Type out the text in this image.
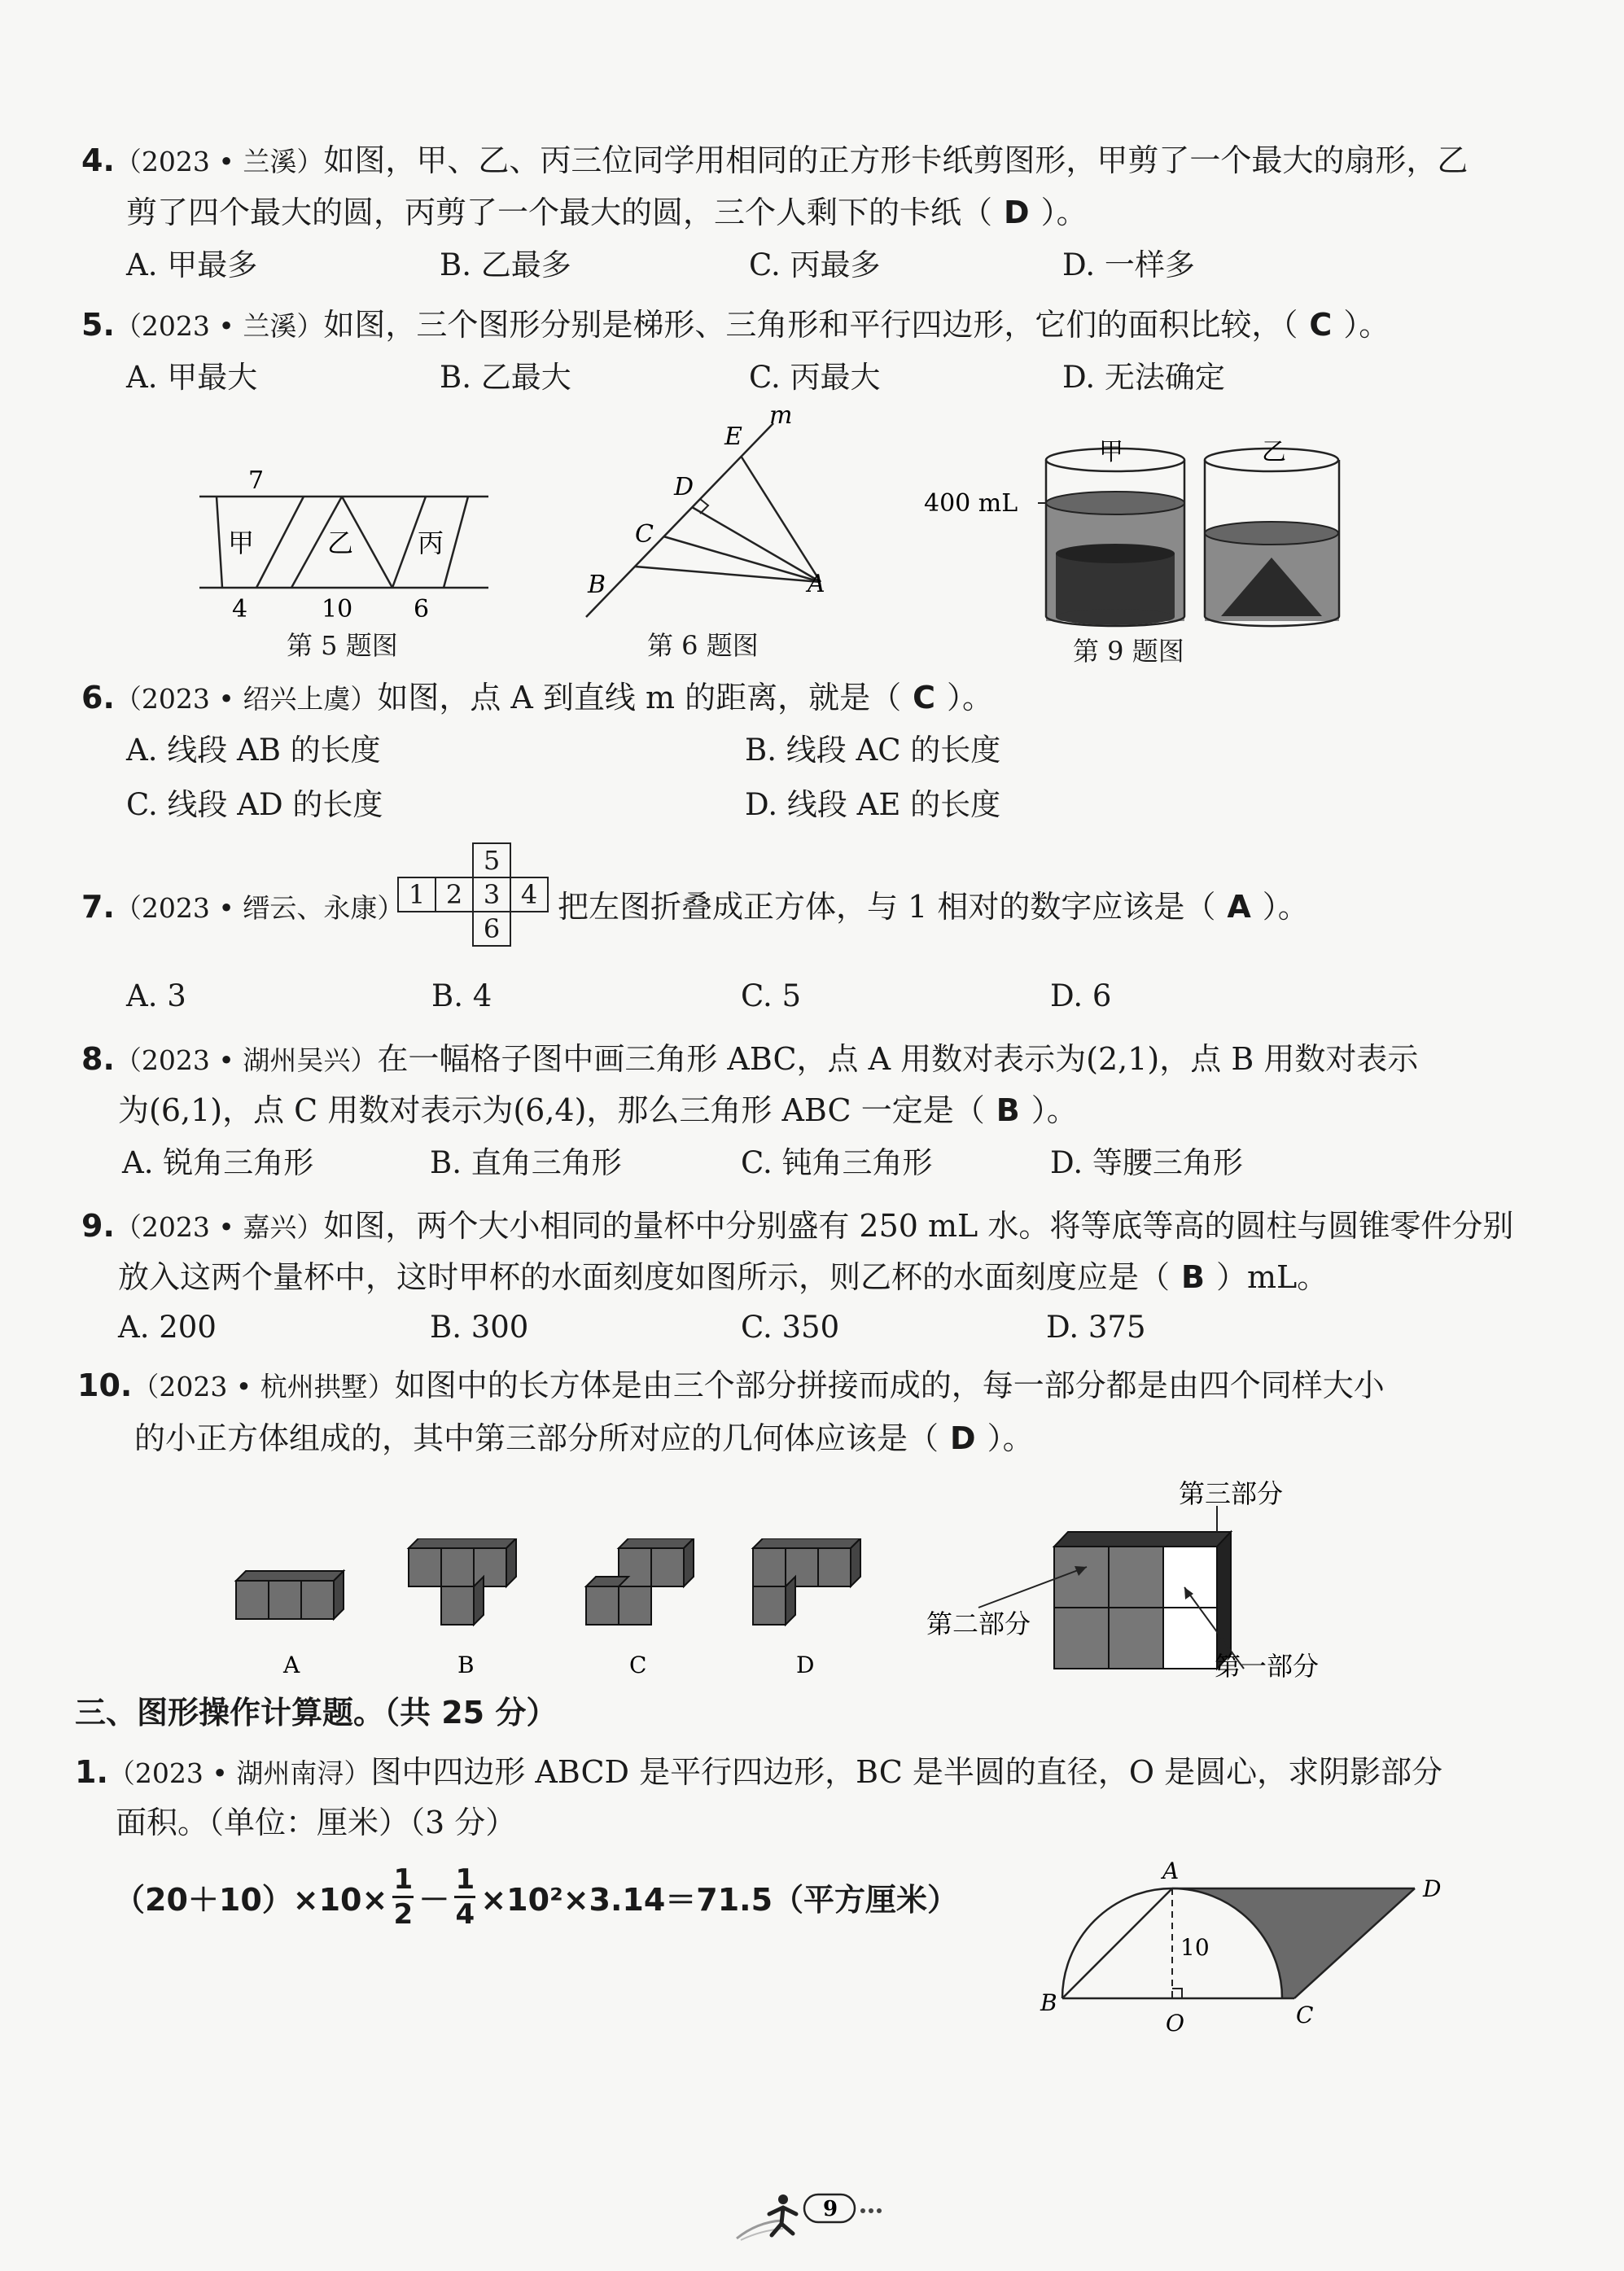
4.（2023 • 兰溪）如图，甲、乙、丙三位同学用相同的正方形卡纸剪图形，甲剪了一个最大的扇形，乙
剪了四个最大的圆，丙剪了一个最大的圆，三个人剩下的卡纸（ D ）。
A. 甲最多	B. 乙最多	C. 丙最多	D. 一样多
5.（2023 • 兰溪）如图，三个图形分别是梯形、三角形和平行四边形，它们的面积比较，（ C ）。
A. 甲最大	B. 乙最大	C. 丙最大	D. 无法确定
7
甲	乙 丙
4	10 6
第 5 题图
E
m
D
C
B	A
第 6 题图
400 mL
甲	乙
第 9 题图
6.（2023 • 绍兴上虞）如图，点 A 到直线 m 的距离，就是（ C ）。
A. 线段 AB 的长度	B. 线段 AC 的长度
C. 线段 AD 的长度	D. 线段 AE 的长度
7.（2023 • 缙云、永康）
		5	
1	2	3	4
		6	
把左图折叠成正方体，与 1 相对的数字应该是（ A ）。
A. 3	B. 4	C. 5	D. 6
8.（2023 • 湖州吴兴）在一幅格子图中画三角形 ABC，点 A 用数对表示为(2,1)，点 B 用数对表示
为(6,1)，点 C 用数对表示为(6,4)，那么三角形 ABC 一定是（ B ）。
A. 锐角三角形	B. 直角三角形	C. 钝角三角形	D. 等腰三角形
9.（2023 • 嘉兴）如图，两个大小相同的量杯中分别盛有 250 mL 水。将等底等高的圆柱与圆锥零件分别
放入这两个量杯中，这时甲杯的水面刻度如图所示，则乙杯的水面刻度应是（ B ）mL。
A. 200	B. 300	C. 350	D. 375
10.（2023 • 杭州拱墅）如图中的长方体是由三个部分拼接而成的，每一部分都是由四个同样大小
的小正方体组成的，其中第三部分所对应的几何体应该是（ D ）。
A	B	C	D
第三部分
第二部分
第一部分
三、图形操作计算题。（共 25 分）
1.（2023 • 湖州南浔）图中四边形 ABCD 是平行四边形，BC 是半圆的直径，O 是圆心，求阴影部分
面积。（单位：厘米）（3 分）
$(20+10)\times 10\times \frac{1}{2} - \frac{1}{4} \times 10^2\times 3.14=71.5$（平方厘米）
A
D
B	C
O
10
9
